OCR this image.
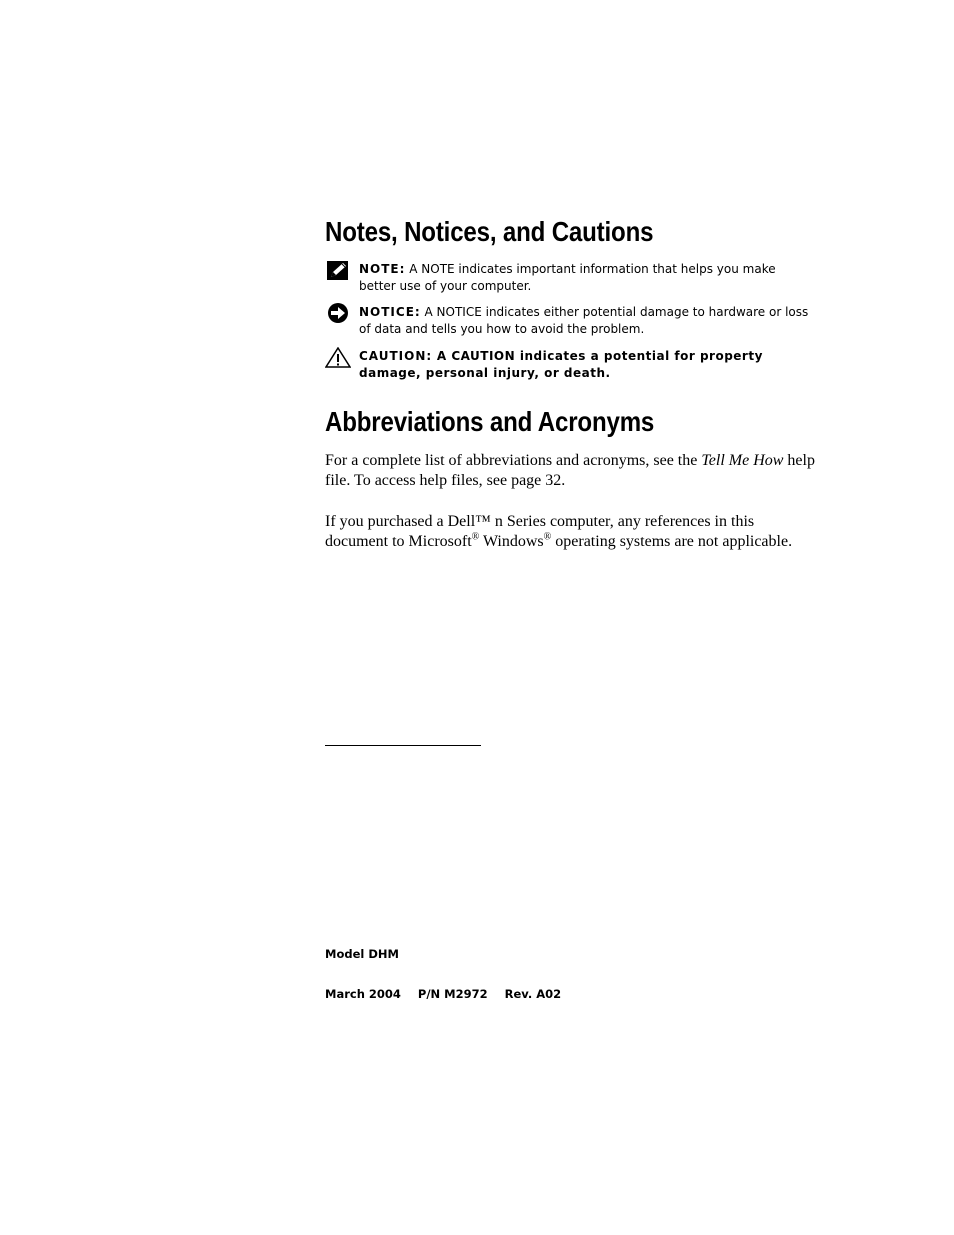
Notes, Notices, and Cautions
NOTE: A NOTE indicates important information that helps you make better use of your computer.
NOTICE: A NOTICE indicates either potential damage to hardware or loss of data and tells you how to avoid the problem.
CAUTION: A CAUTION indicates a potential for property damage, personal injury, or death.
Abbreviations and Acronyms

For a complete list of abbreviations and acronyms, see the Tell Me How help file. To access help files, see page 32.

If you purchased a Dell™ n Series computer, any references in this document to Microsoft® Windows® operating systems are not applicable.

Model DHM
March 2004 P/N M2972 Rev. A02
